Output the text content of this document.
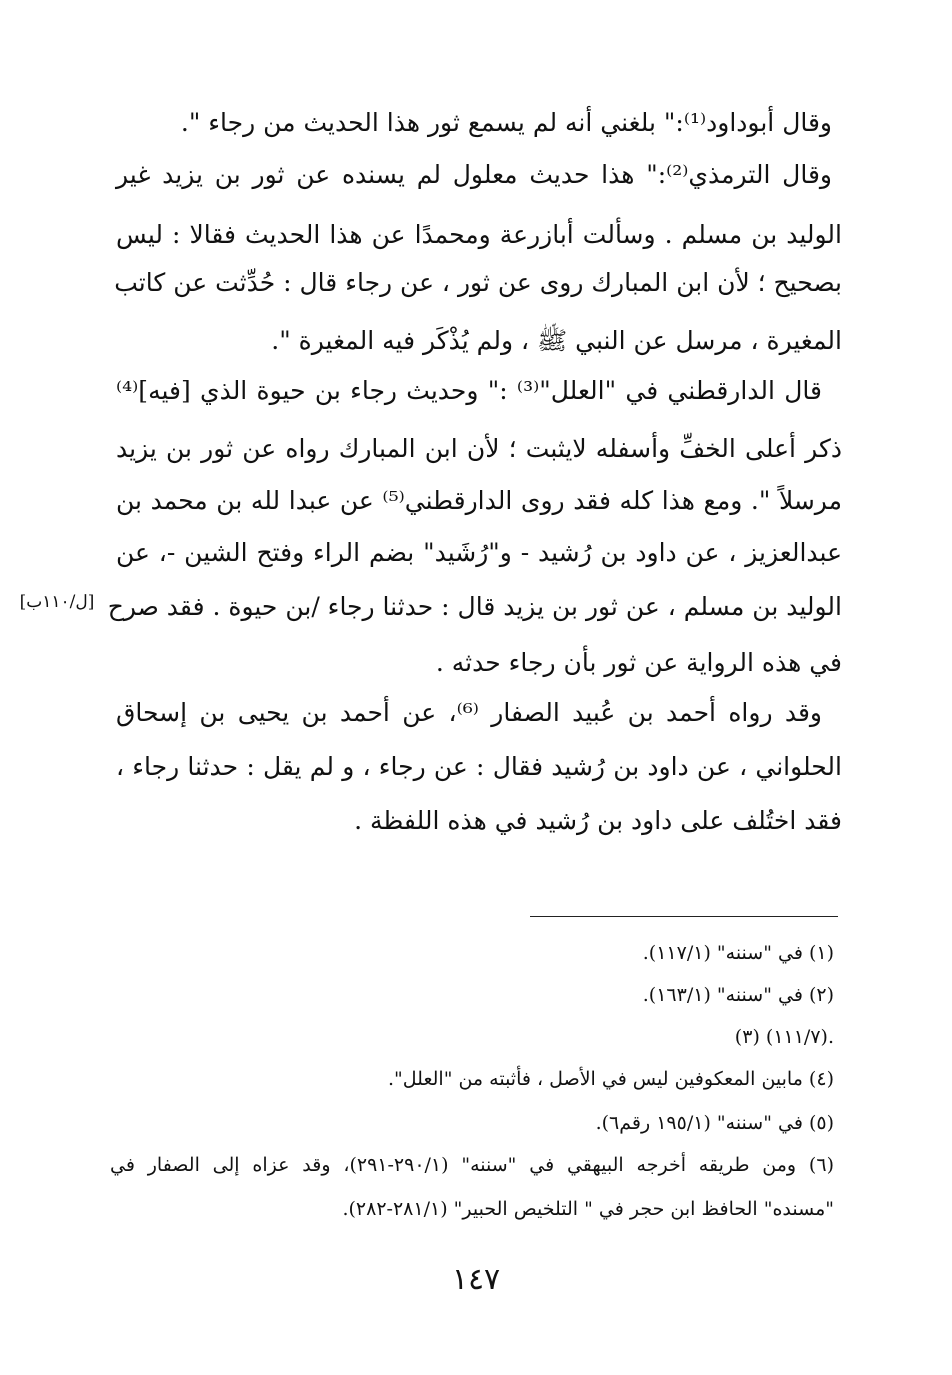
وقال أبوداود⁽¹⁾:" بلغني أنه لم يسمع ثور هذا الحديث من رجاء ".
وقال الترمذي⁽²⁾:" هذا حديث معلول لم يسنده عن ثور بن يزيد غير
الوليد بن مسلم . وسألت أبازرعة ومحمدًا عن هذا الحديث فقالا : ليس
بصحيح ؛ لأن ابن المبارك روى عن ثور ، عن رجاء قال : حُدِّثت عن كاتب
المغيرة ، مرسل عن النبي ﷺ ، ولم يُذْكَر فيه المغيرة ".
قال الدارقطني في "العلل"⁽³⁾ :" وحديث رجاء بن حيوة الذي [فيه]⁽⁴⁾
ذكر أعلى الخفِّ وأسفله لايثبت ؛ لأن ابن المبارك رواه عن ثور بن يزيد
مرسلاً ". ومع هذا كله فقد روى الدارقطني⁽⁵⁾ عن عبدا لله بن محمد بن
عبدالعزيز ، عن داود بن رُشيد - و"رُشَيد" بضم الراء وفتح الشين -، عن
الوليد بن مسلم ، عن ثور بن يزيد قال : حدثنا رجاء /بن حيوة . فقد صرح
في هذه الرواية عن ثور بأن رجاء حدثه .
وقد رواه أحمد بن عُبيد الصفار ⁽⁶⁾، عن أحمد بن يحيى بن إسحاق
الحلواني ، عن داود بن رُشيد فقال : عن رجاء ، و لم يقل : حدثنا رجاء ،
فقد اختُلف على داود بن رُشيد في هذه اللفظة .
[ل/١١٠ب]
(١) في "سننه" (١١٧/١).
(٢) في "سننه" (١٦٣/١).
(٣) (١١١/٧).
(٤) مابين المعكوفين ليس في الأصل ، فأثبته من "العلل".
(٥) في "سننه" (١٩٥/١ رقم٦).
(٦) ومن طريقه أخرجه البيهقي في "سننه" (٢٩٠/١-٢٩١)، وقد عزاه إلى الصفار في
"مسنده" الحافظ ابن حجر في " التلخيص الحبير" (٢٨١/١-٢٨٢).
١٤٧
